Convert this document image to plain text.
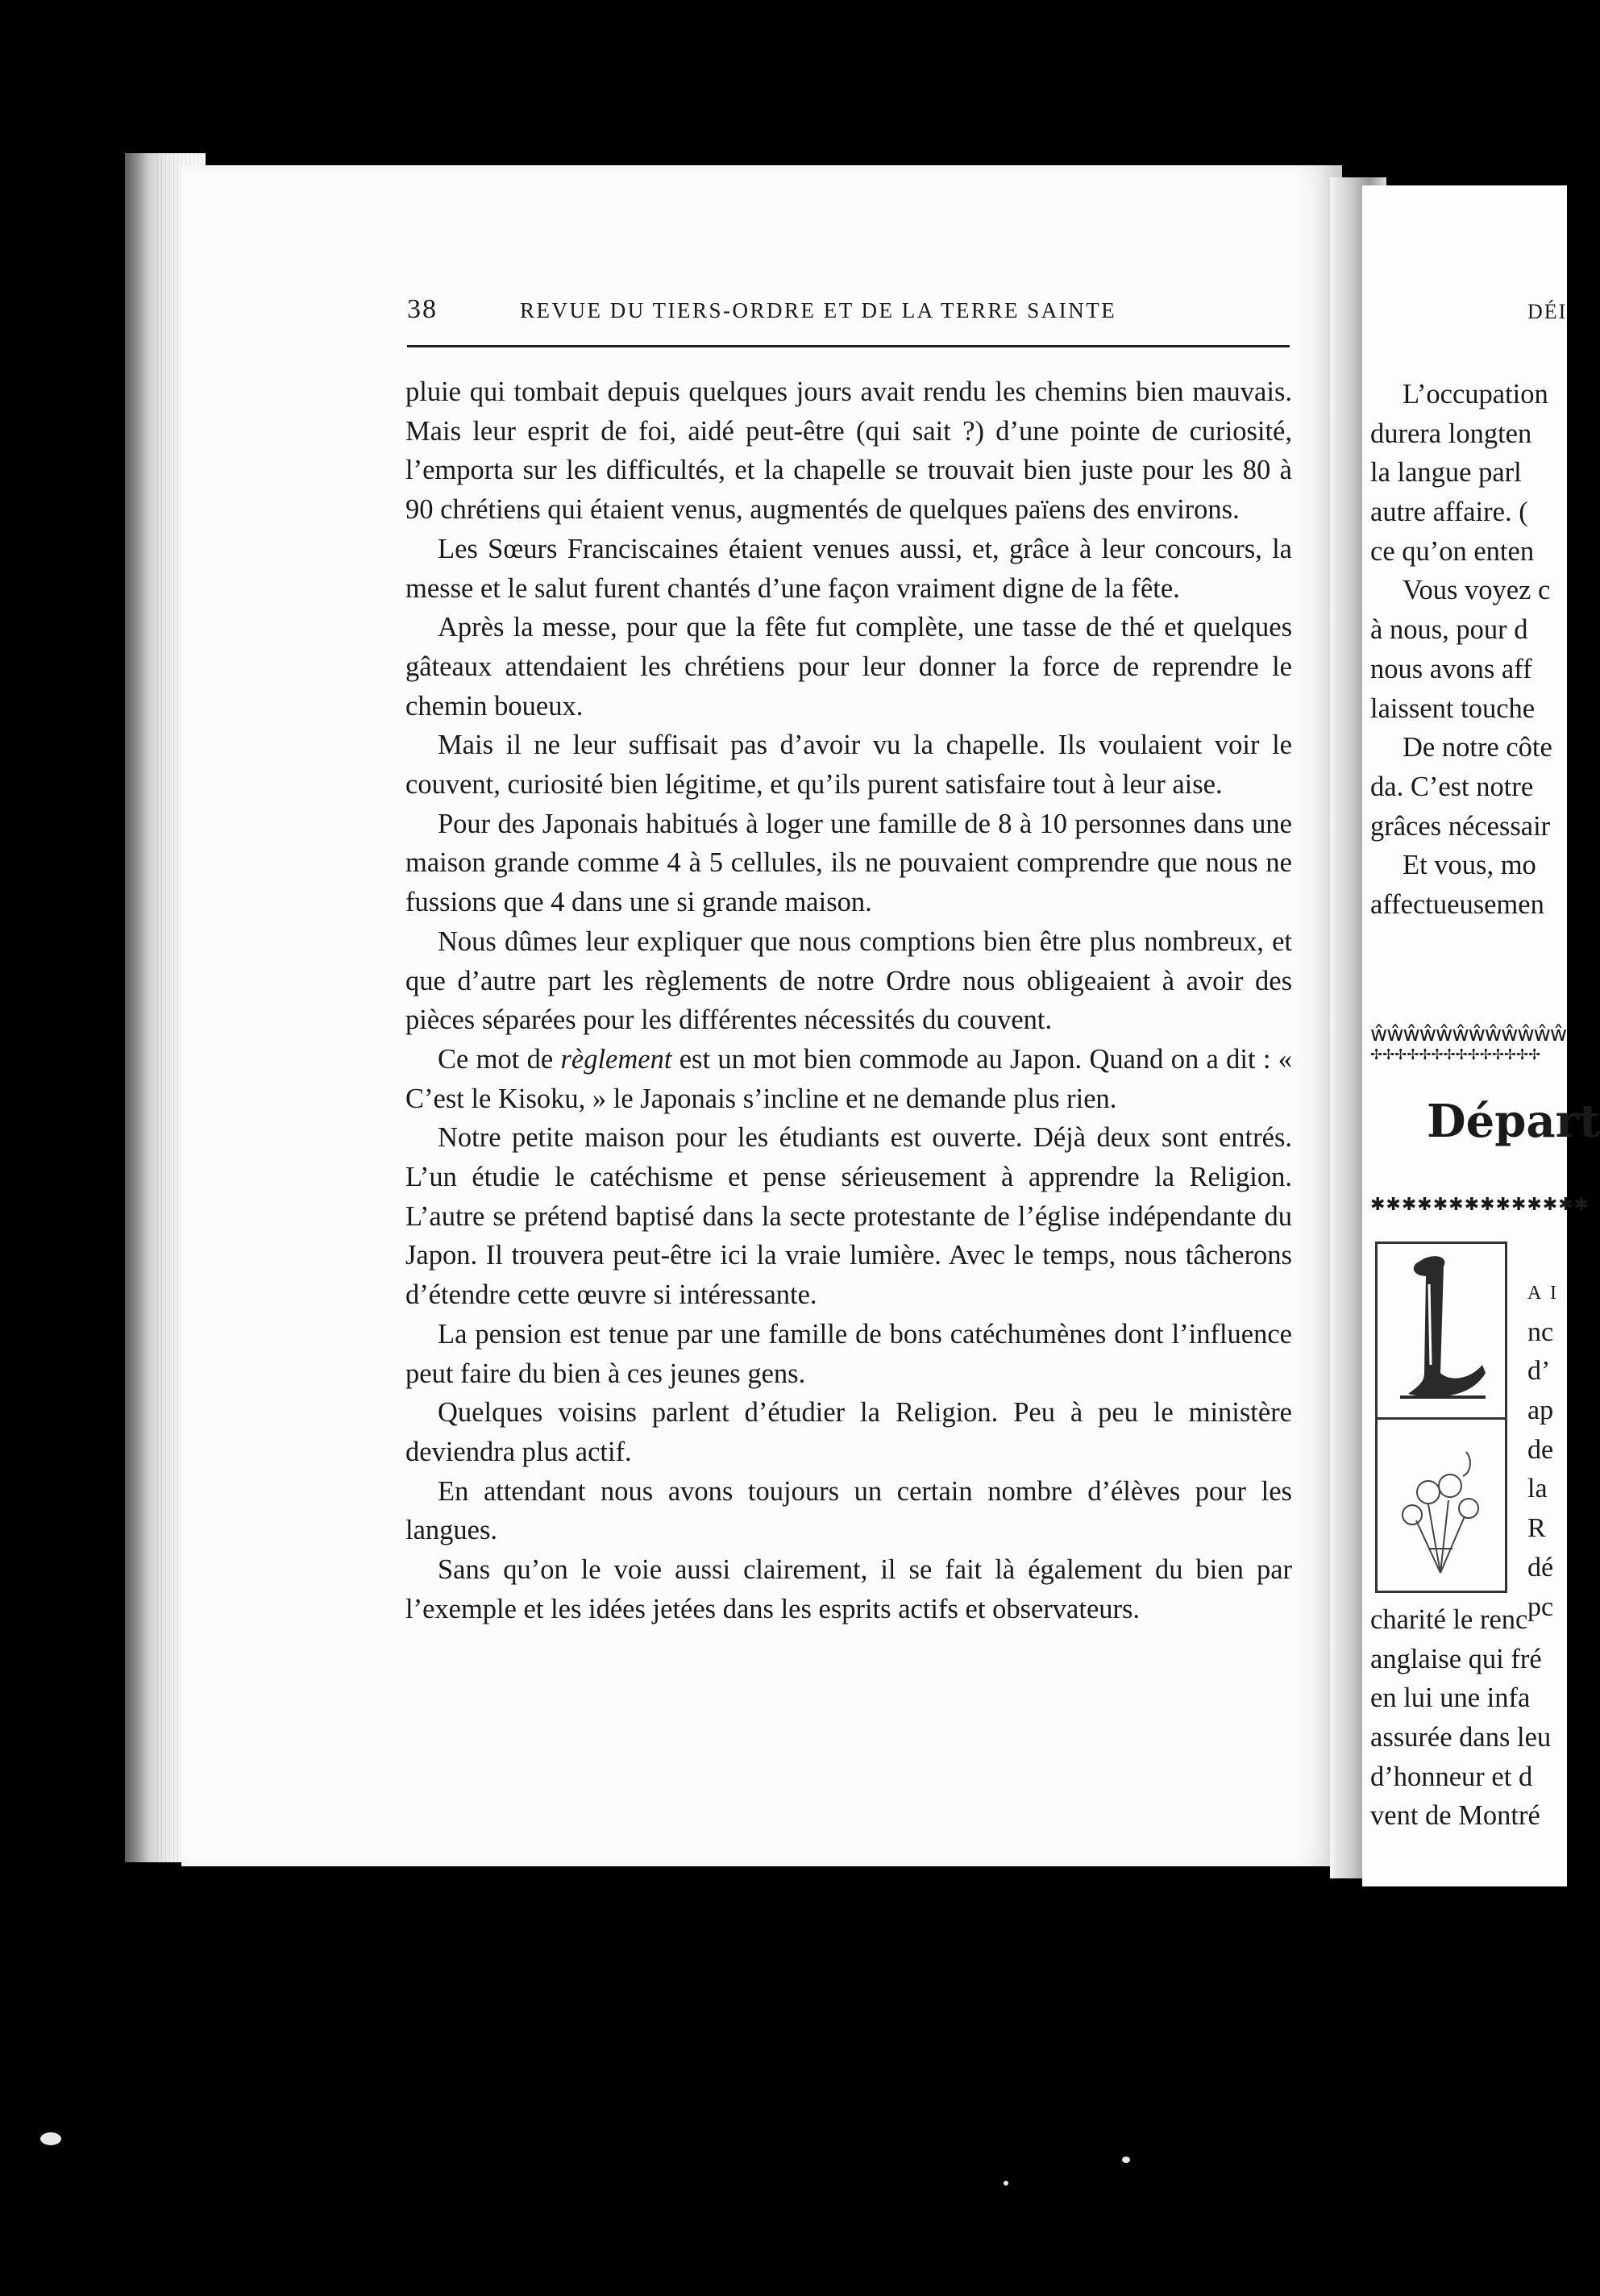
38	REVUE DU TIERS-ORDRE ET DE LA TERRE SAINTE

pluie qui tombait depuis quelques jours avait rendu les chemins bien mauvais. Mais leur esprit de foi, aidé peut-être (qui sait ?) d’une pointe de curiosité, l’emporta sur les difficultés, et la chapelle se trouvait bien juste pour les 80 à 90 chrétiens qui étaient venus, augmentés de quelques païens des environs.

Les Sœurs Franciscaines étaient venues aussi, et, grâce à leur concours, la messe et le salut furent chantés d’une façon vraiment digne de la fête.

Après la messe, pour que la fête fut complète, une tasse de thé et quelques gâteaux attendaient les chrétiens pour leur donner la force de reprendre le chemin boueux.

Mais il ne leur suffisait pas d’avoir vu la chapelle. Ils voulaient voir le couvent, curiosité bien légitime, et qu’ils purent satisfaire tout à leur aise.

Pour des Japonais habitués à loger une famille de 8 à 10 personnes dans une maison grande comme 4 à 5 cellules, ils ne pouvaient comprendre que nous ne fussions que 4 dans une si grande maison.

Nous dûmes leur expliquer que nous comptions bien être plus nombreux, et que d’autre part les règlements de notre Ordre nous obligeaient à avoir des pièces séparées pour les différentes nécessités du couvent.

Ce mot de règlement est un mot bien commode au Japon. Quand on a dit : « C’est le Kisoku, » le Japonais s’incline et ne demande plus rien.

Notre petite maison pour les étudiants est ouverte. Déjà deux sont entrés. L’un étudie le catéchisme et pense sérieusement à apprendre la Religion. L’autre se prétend baptisé dans la secte protestante de l’église indépendante du Japon. Il trouvera peut-être ici la vraie lumière. Avec le temps, nous tâcherons d’étendre cette œuvre si intéressante.

La pension est tenue par une famille de bons catéchumènes dont l’influence peut faire du bien à ces jeunes gens.

Quelques voisins parlent d’étudier la Religion. Peu à peu le ministère deviendra plus actif.

En attendant nous avons toujours un certain nombre d’élèves pour les langues.

Sans qu’on le voie aussi clairement, il se fait là également du bien par l’exemple et les idées jetées dans les esprits actifs et observateurs.

DÉI
L’occupation
durera longten
la langue parl
autre affaire. (
ce qu’on enten
Vous voyez c
à nous, pour d
nous avons aff
laissent touche
De notre côte
da. C’est notre
grâces nécessair
Et vous, mo
affectueusemen
ŵŵŵŵŵŵŵŵŵŵŵŵ
✢✢✢✢✢✢✢✢✢✢✢✢✢✢
Départ
✱✱✱✱✱✱✱✱✱✱✱✱✱✱
A I
nc
d’
ap
de
la
R
dé
pc
charité le renc
anglaise qui fré
en lui une infa
assurée dans leu
d’honneur et d
vent de Montré
